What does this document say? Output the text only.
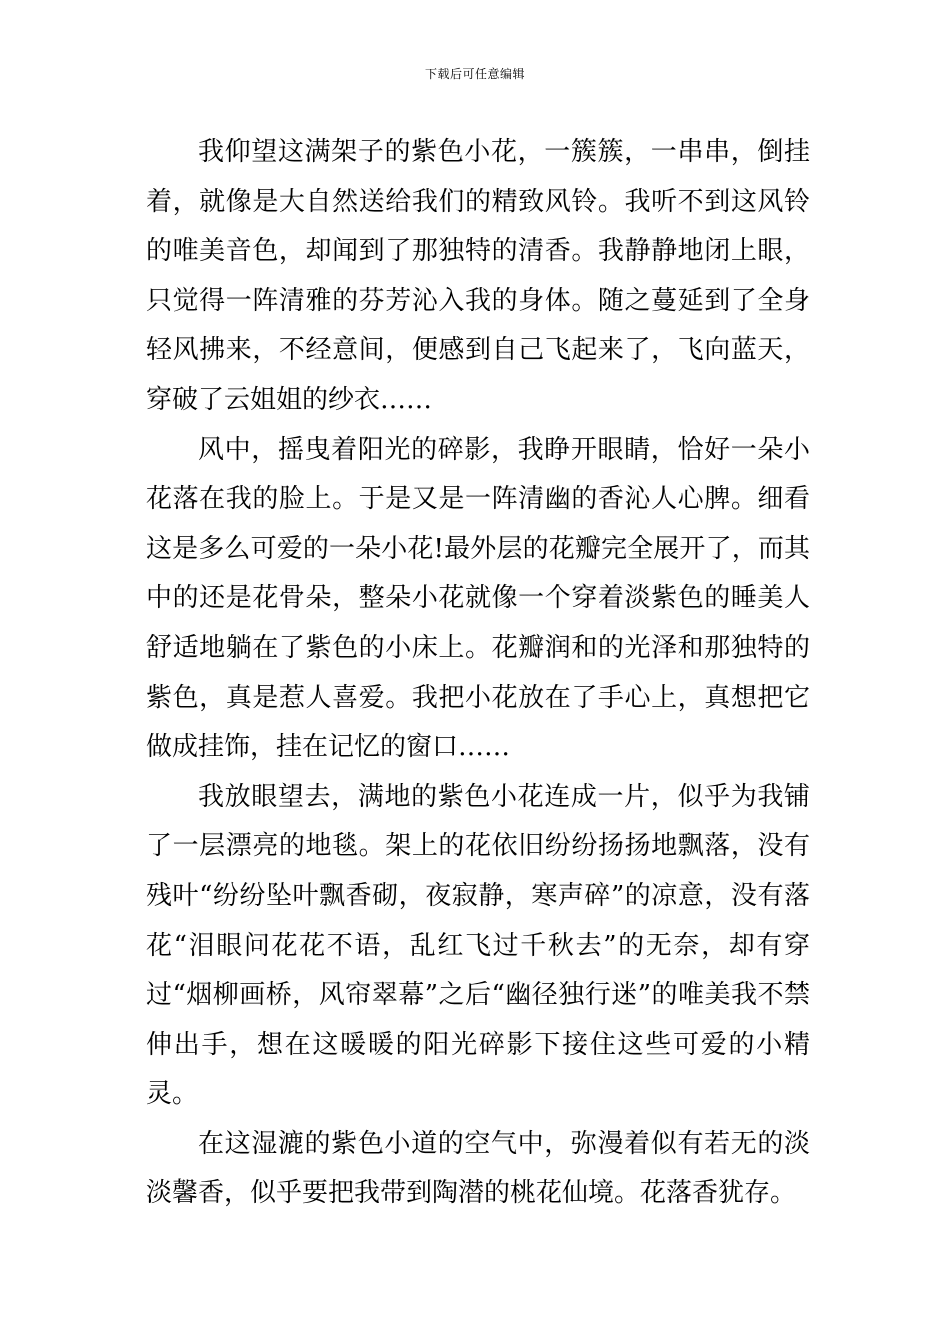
下载后可任意编辑

我仰望这满架子的紫色小花，一簇簇，一串串，倒挂着，就像是大自然送给我们的精致风铃。我听不到这风铃的唯美音色，却闻到了那独特的清香。我静静地闭上眼，只觉得一阵清雅的芬芳沁入我的身体。随之蔓延到了全身轻风拂来，不经意间，便感到自己飞起来了，飞向蓝天，穿破了云姐姐的纱衣……

风中，摇曳着阳光的碎影，我睁开眼睛，恰好一朵小花落在我的脸上。于是又是一阵清幽的香沁人心脾。细看这是多么可爱的一朵小花!最外层的花瓣完全展开了，而其中的还是花骨朵，整朵小花就像一个穿着淡紫色的睡美人舒适地躺在了紫色的小床上。花瓣润和的光泽和那独特的紫色，真是惹人喜爱。我把小花放在了手心上，真想把它做成挂饰，挂在记忆的窗口……

我放眼望去，满地的紫色小花连成一片，似乎为我铺了一层漂亮的地毯。架上的花依旧纷纷扬扬地飘落，没有残叶“纷纷坠叶飘香砌，夜寂静，寒声碎”的凉意，没有落花“泪眼问花花不语，乱红飞过千秋去”的无奈，却有穿过“烟柳画桥，风帘翠幕”之后“幽径独行迷”的唯美我不禁伸出手，想在这暖暖的阳光碎影下接住这些可爱的小精灵。

在这湿漉的紫色小道的空气中，弥漫着似有若无的淡淡馨香，似乎要把我带到陶潜的桃花仙境。花落香犹存。
